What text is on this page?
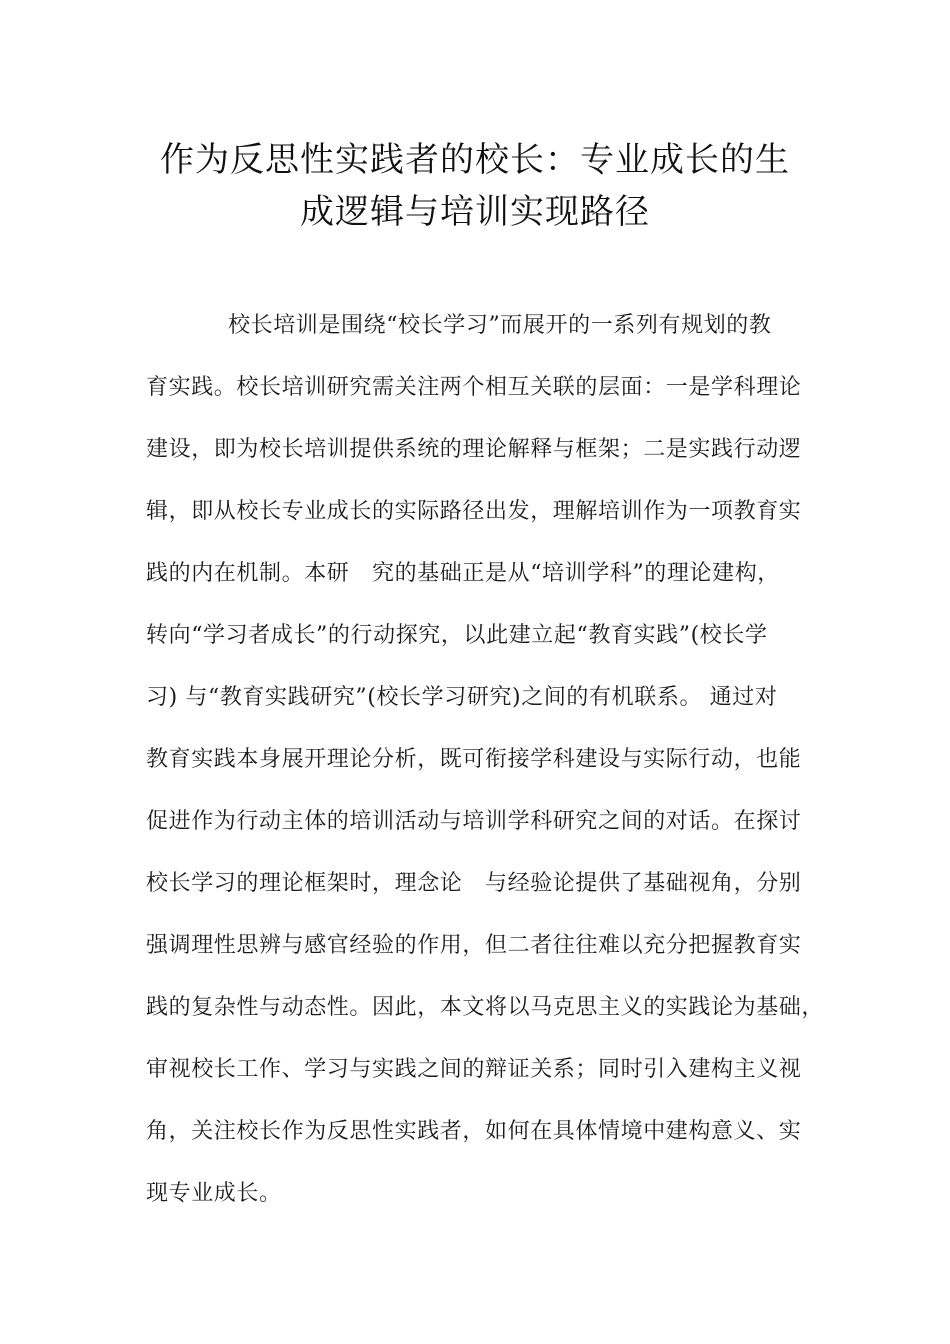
作为反思性实践者的校长：专业成长的生
成逻辑与培训实现路径
校长培训是围绕“校长学习”而展开的一系列有规划的教
育实践。校长培训研究需关注两个相互关联的层面：一是学科理论
建设，即为校长培训提供系统的理论解释与框架；二是实践行动逻
辑，即从校长专业成长的实际路径出发，理解培训作为一项教育实
践的内在机制。本研　究的基础正是从“培训学科”的理论建构，
转向“学习者成长”的行动探究，以此建立起“教育实践”(校长学
习) 与“教育实践研究”(校长学习研究)之间的有机联系。 通过对
教育实践本身展开理论分析，既可衔接学科建设与实际行动，也能
促进作为行动主体的培训活动与培训学科研究之间的对话。在探讨
校长学习的理论框架时，理念论　与经验论提供了基础视角，分别
强调理性思辨与感官经验的作用，但二者往往难以充分把握教育实
践的复杂性与动态性。因此，本文将以马克思主义的实践论为基础，
审视校长工作、学习与实践之间的辩证关系；同时引入建构主义视
角，关注校长作为反思性实践者，如何在具体情境中建构意义、实
现专业成长。
